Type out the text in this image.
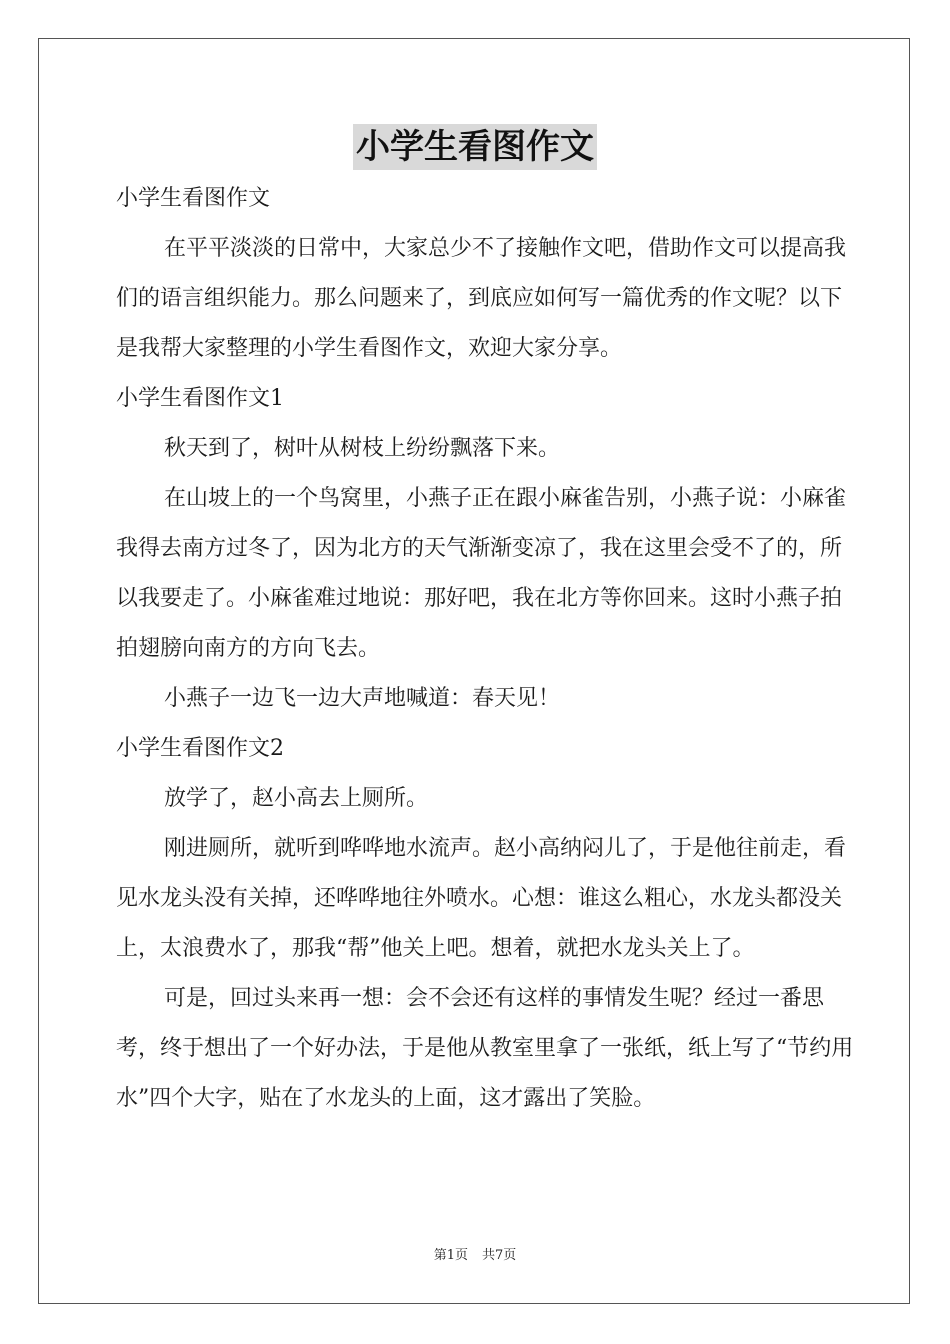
小学生看图作文

小学生看图作文

在平平淡淡的日常中，大家总少不了接触作文吧，借助作文可以提高我们的语言组织能力。那么问题来了，到底应如何写一篇优秀的作文呢？以下是我帮大家整理的小学生看图作文，欢迎大家分享。

小学生看图作文1

秋天到了，树叶从树枝上纷纷飘落下来。

在山坡上的一个鸟窝里，小燕子正在跟小麻雀告别，小燕子说：小麻雀我得去南方过冬了，因为北方的天气渐渐变凉了，我在这里会受不了的，所以我要走了。小麻雀难过地说：那好吧，我在北方等你回来。这时小燕子拍拍翅膀向南方的方向飞去。

小燕子一边飞一边大声地喊道：春天见！

小学生看图作文2

放学了，赵小高去上厕所。

刚进厕所，就听到哗哗地水流声。赵小高纳闷儿了，于是他往前走，看见水龙头没有关掉，还哗哗地往外喷水。心想：谁这么粗心，水龙头都没关上，太浪费水了，那我“帮”他关上吧。想着，就把水龙头关上了。

可是，回过头来再一想：会不会还有这样的事情发生呢？经过一番思考，终于想出了一个好办法，于是他从教室里拿了一张纸，纸上写了“节约用水”四个大字，贴在了水龙头的上面，这才露出了笑脸。

第1页 共7页
